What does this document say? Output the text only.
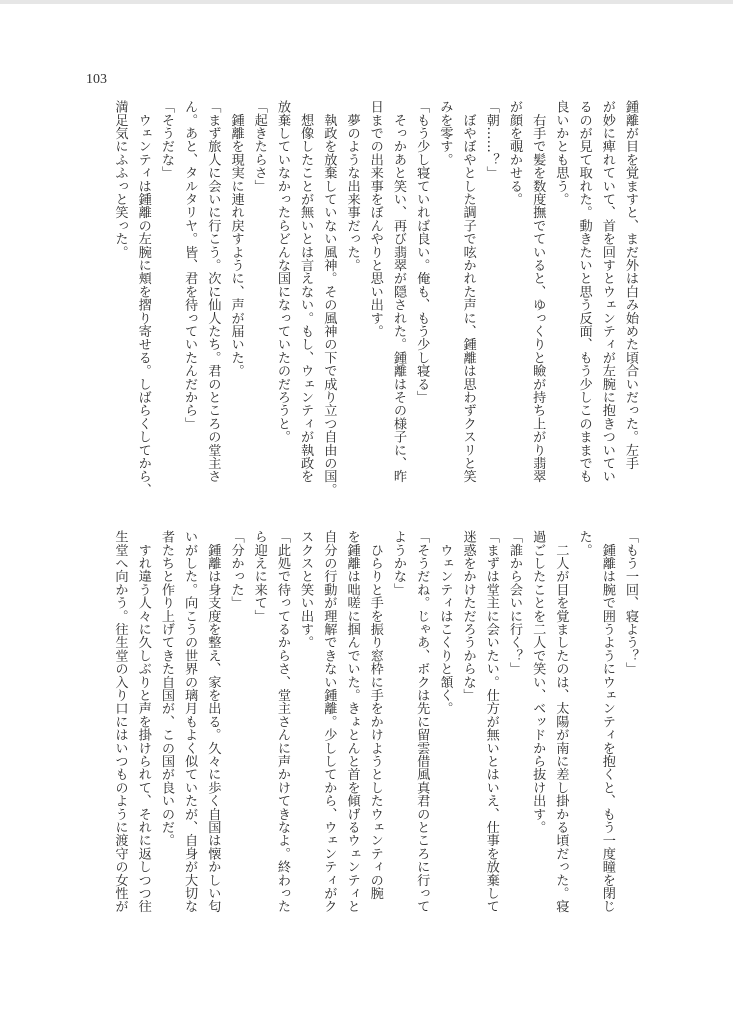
103
鍾離が目を覚ますと、まだ外は白み始めた頃合いだった。左手
が妙に痺れていて、首を回すとウェンティが左腕に抱きついてい
るのが見て取れた。動きたいと思う反面、もう少しこのままでも
良いかとも思う。
　右手で髪を数度撫でていると、ゆっくりと瞼が持ち上がり翡翠
が顔を覗かせる。
「朝……？」
　ぼやぼやとした調子で呟かれた声に、鍾離は思わずクスリと笑
みを零す。
「もう少し寝ていれば良い。俺も、もう少し寝る」
　そっかあと笑い、再び翡翠が隠された。鍾離はその様子に、昨
日までの出来事をぼんやりと思い出す。
　夢のような出来事だった。
　執政を放棄していない風神。その風神の下で成り立つ自由の国。
　想像したことが無いとは言えない。もし、ウェンティが執政を
放棄していなかったらどんな国になっていたのだろうと。
「起きたらさ」
　鍾離を現実に連れ戻すように、声が届いた。
「まず旅人に会いに行こう。次に仙人たち。君のところの堂主さ
ん。あと、タルタリヤ。皆、君を待っていたんだから」
「そうだな」
　ウェンティは鍾離の左腕に頬を摺り寄せる。しばらくしてから、
満足気にふふっと笑った。
「もう一回、寝よう？」
　鍾離は腕で囲うようにウェンティを抱くと、もう一度瞳を閉じ
た。
　二人が目を覚ましたのは、太陽が南に差し掛かる頃だった。寝
過ごしたことを二人で笑い、ベッドから抜け出す。
「誰から会いに行く？」
「まずは堂主に会いたい。仕方が無いとはいえ、仕事を放棄して
迷惑をかけただろうからな」
　ウェンティはこくりと頷く。
「そうだね。じゃあ、ボクは先に留雲借風真君のところに行って
ようかな」
　ひらりと手を振り窓枠に手をかけようとしたウェンティの腕
を鍾離は咄嗟に掴んでいた。きょとんと首を傾げるウェンティと
自分の行動が理解できない鍾離。少ししてから、ウェンティがク
スクスと笑い出す。
「此処で待ってるからさ、堂主さんに声かけてきなよ。終わった
ら迎えに来て」
「分かった」
　鍾離は身支度を整え、家を出る。久々に歩く自国は懐かしい匂
いがした。向こうの世界の璃月もよく似ていたが、自身が大切な
者たちと作り上げてきた自国が、この国が良いのだ。
　すれ違う人々に久しぶりと声を掛けられて、それに返しつつ往
生堂へ向かう。往生堂の入り口にはいつものように渡守の女性が
